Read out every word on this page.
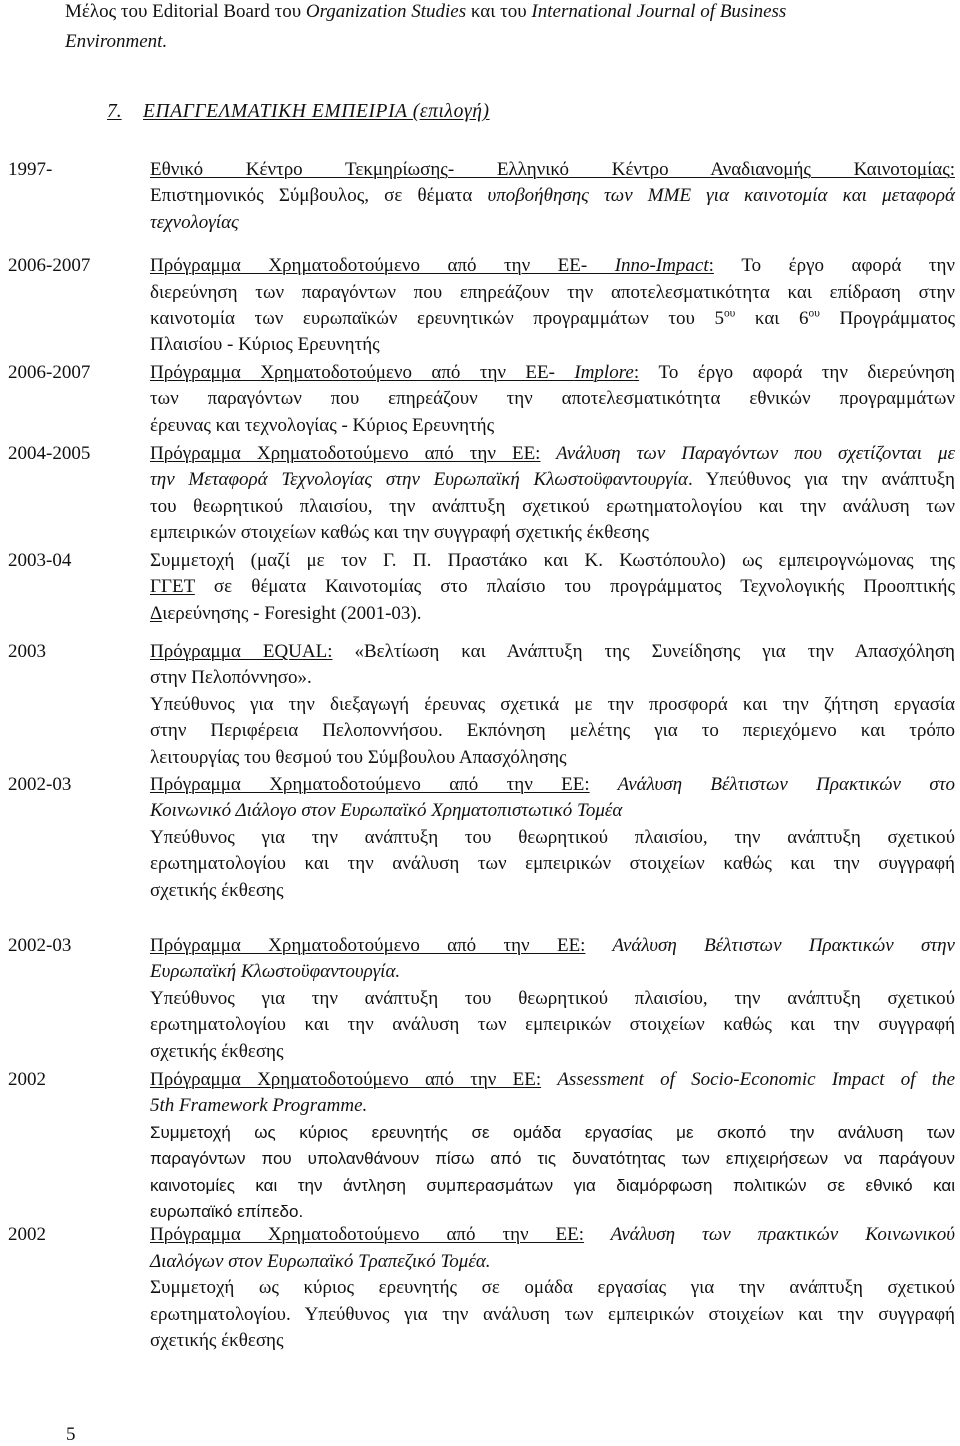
Μέλος του Editorial Board του Organization Studies και του International Journal of Business
Environment.
7. ΕΠΑΓΓΕΛΜΑΤΙΚΗ ΕΜΠΕΙΡΙΑ (επιλογή)
1997-	Εθνικό Κέντρο Τεκμηρίωσης- Ελληνικό Κέντρο Αναδιανομής Καινοτομίας:
Επιστημονικός Σύμβουλος, σε θέματα υποβοήθησης των ΜΜΕ για καινοτομία και μεταφορά
τεχνολογίας
2006-2007	Πρόγραμμα Χρηματοδοτούμενο από την ΕΕ- Inno-Impact: Το έργο αφορά την
διερεύνηση των παραγόντων που επηρεάζουν την αποτελεσματικότητα και επίδραση στην
καινοτομία των ευρωπαϊκών ερευνητικών προγραμμάτων του $5^{o\upsilon}$ και $6^{o\upsilon}$ Προγράμματος
Πλαισίου - Κύριος Ερευνητής
2006-2007	Πρόγραμμα Χρηματοδοτούμενο από την ΕΕ- Implore: Το έργο αφορά την διερεύνηση
των παραγόντων που επηρεάζουν την αποτελεσματικότητα εθνικών προγραμμάτων
έρευνας και τεχνολογίας - Κύριος Ερευνητής
2004-2005	Πρόγραμμα Χρηματοδοτούμενο από την ΕΕ: Ανάλυση των Παραγόντων που σχετίζονται με
την Μεταφορά Τεχνολογίας στην Ευρωπαϊκή Κλωστοϋφαντουργία. Υπεύθυνος για την ανάπτυξη
του θεωρητικού πλαισίου, την ανάπτυξη σχετικού ερωτηματολογίου και την ανάλυση των
εμπειρικών στοιχείων καθώς και την συγγραφή σχετικής έκθεσης
2003-04	Συμμετοχή (μαζί με τον Γ. Π. Πραστάκο και Κ. Κωστόπουλο) ως εμπειρογνώμονας της
ΓΓΕΤ σε θέματα Καινοτομίας στο πλαίσιο του προγράμματος Τεχνολογικής Προοπτικής
Διερεύνησης - Foresight (2001-03).
2003	Πρόγραμμα EQUAL: «Βελτίωση και Ανάπτυξη της Συνείδησης για την Απασχόληση
στην Πελοπόννησο».
Υπεύθυνος για την διεξαγωγή έρευνας σχετικά με την προσφορά και την ζήτηση εργασία
στην Περιφέρεια Πελοποννήσου. Εκπόνηση μελέτης για το περιεχόμενο και τρόπο
λειτουργίας του θεσμού του Σύμβουλου Απασχόλησης
2002-03	Πρόγραμμα Χρηματοδοτούμενο από την ΕΕ: Ανάλυση Βέλτιστων Πρακτικών στο
Κοινωνικό Διάλογο στον Ευρωπαϊκό Χρηματοπιστωτικό Τομέα
Υπεύθυνος για την ανάπτυξη του θεωρητικού πλαισίου, την ανάπτυξη σχετικού
ερωτηματολογίου και την ανάλυση των εμπειρικών στοιχείων καθώς και την συγγραφή
σχετικής έκθεσης
2002-03	Πρόγραμμα Χρηματοδοτούμενο από την ΕΕ: Ανάλυση Βέλτιστων Πρακτικών στην
Ευρωπαϊκή Κλωστοϋφαντουργία.
Υπεύθυνος για την ανάπτυξη του θεωρητικού πλαισίου, την ανάπτυξη σχετικού
ερωτηματολογίου και την ανάλυση των εμπειρικών στοιχείων καθώς και την συγγραφή
σχετικής έκθεσης
2002	Πρόγραμμα Χρηματοδοτούμενο από την ΕΕ: Assessment of Socio-Economic Impact of the
5th Framework Programme.
Συμμετοχή ως κύριος ερευνητής σε ομάδα εργασίας με σκοπό την ανάλυση των
παραγόντων που υπολανθάνουν πίσω από τις δυνατότητας των επιχειρήσεων να παράγουν
καινοτομίες και την άντληση συμπερασμάτων για διαμόρφωση πολιτικών σε εθνικό και
ευρωπαϊκό επίπεδο.
2002	Πρόγραμμα Χρηματοδοτούμενο από την ΕΕ: Ανάλυση των πρακτικών Κοινωνικού
Διαλόγων στον Ευρωπαϊκό Τραπεζικό Τομέα.
Συμμετοχή ως κύριος ερευνητής σε ομάδα εργασίας για την ανάπτυξη σχετικού
ερωτηματολογίου. Υπεύθυνος για την ανάλυση των εμπειρικών στοιχείων και την συγγραφή
σχετικής έκθεσης
5
